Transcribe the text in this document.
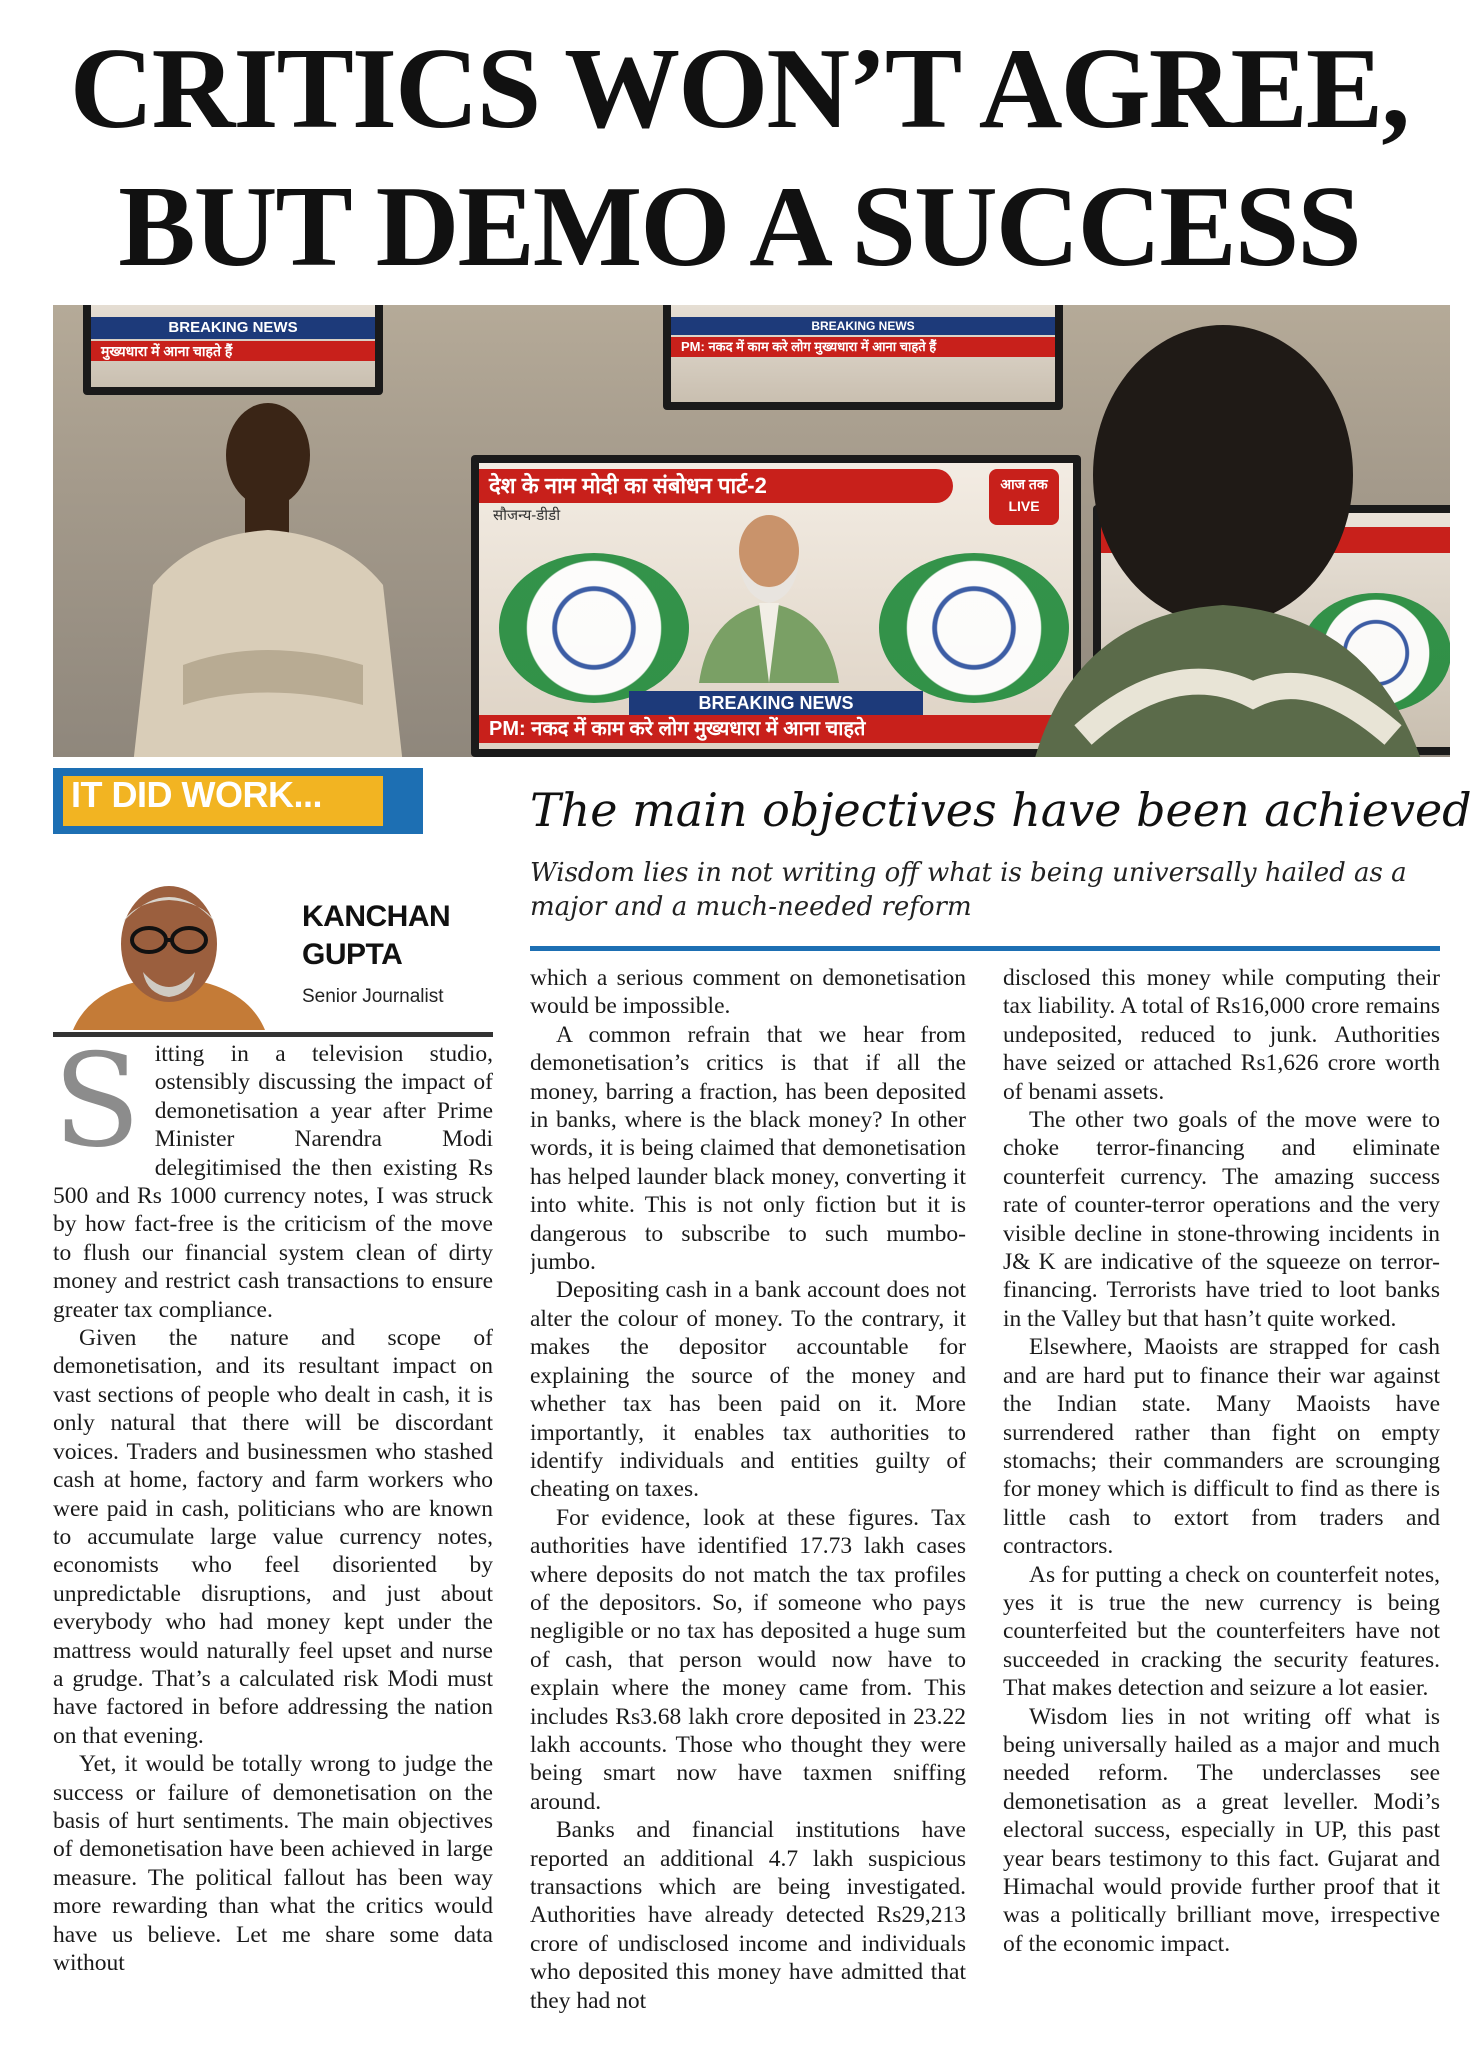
CRITICS WON’T AGREE,
BUT DEMO A SUCCESS
BREAKING NEWS
मुख्यधारा में आना चाहते हैं
BREAKING NEWS
PM: नकद में काम करे लोग मुख्यधारा में आना चाहते हैं
देश के नाम मोदी का संबोधन पार्ट-2
सौजन्य-डीडी
आज तक LIVE
BREAKING NEWS
PM: नकद में काम करे लोग मुख्यधारा में आना चाहते
IT DID WORK...
KANCHAN
GUPTA
Senior Journalist
The main objectives have been achieved
Wisdom lies in not writing off what is being universally hailed as a major and a much-needed reform
S itting in a television studio, ostensibly discussing the impact of demonetisation a year after Prime Minister Narendra Modi delegitimised the then existing Rs 500 and Rs 1000 currency notes, I was struck by how fact-free is the criticism of the move to flush our financial system clean of dirty money and restrict cash transactions to ensure greater tax compliance.

Given the nature and scope of demonetisation, and its resultant impact on vast sections of people who dealt in cash, it is only natural that there will be discordant voices. Traders and businessmen who stashed cash at home, factory and farm workers who were paid in cash, politicians who are known to accumulate large value currency notes, economists who feel disoriented by unpredictable disruptions, and just about everybody who had money kept under the mattress would naturally feel upset and nurse a grudge. That’s a calculated risk Modi must have factored in before addressing the nation on that evening.

Yet, it would be totally wrong to judge the success or failure of demonetisation on the basis of hurt sentiments. The main objectives of demonetisation have been achieved in large measure. The political fallout has been way more rewarding than what the critics would have us believe. Let me share some data without

which a serious comment on demonetisation would be impossible.

A common refrain that we hear from demonetisation’s critics is that if all the money, barring a fraction, has been deposited in banks, where is the black money? In other words, it is being claimed that demonetisation has helped launder black money, converting it into white. This is not only fiction but it is dangerous to subscribe to such mumbo-jumbo.

Depositing cash in a bank account does not alter the colour of money. To the contrary, it makes the depositor accountable for explaining the source of the money and whether tax has been paid on it. More importantly, it enables tax authorities to identify individuals and entities guilty of cheating on taxes.

For evidence, look at these figures. Tax authorities have identified 17.73 lakh cases where deposits do not match the tax profiles of the depositors. So, if someone who pays negligible or no tax has deposited a huge sum of cash, that person would now have to explain where the money came from. This includes Rs3.68 lakh crore deposited in 23.22 lakh accounts. Those who thought they were being smart now have taxmen sniffing around.

Banks and financial institutions have reported an additional 4.7 lakh suspicious transactions which are being investigated. Authorities have already detected Rs29,213 crore of undisclosed income and individuals who deposited this money have admitted that they had not

disclosed this money while computing their tax liability. A total of Rs16,000 crore remains undeposited, reduced to junk. Authorities have seized or attached Rs1,626 crore worth of benami assets.

The other two goals of the move were to choke terror-financing and eliminate counterfeit currency. The amazing success rate of counter-terror operations and the very visible decline in stone-throwing incidents in J& K are indicative of the squeeze on terror-financing. Terrorists have tried to loot banks in the Valley but that hasn’t quite worked.

Elsewhere, Maoists are strapped for cash and are hard put to finance their war against the Indian state. Many Maoists have surrendered rather than fight on empty stomachs; their commanders are scrounging for money which is difficult to find as there is little cash to extort from traders and contractors.

As for putting a check on counterfeit notes, yes it is true the new currency is being counterfeited but the counterfeiters have not succeeded in cracking the security features. That makes detection and seizure a lot easier.

Wisdom lies in not writing off what is being universally hailed as a major and much needed reform. The underclasses see demonetisation as a great leveller. Modi’s electoral success, especially in UP, this past year bears testimony to this fact. Gujarat and Himachal would provide further proof that it was a politically brilliant move, irrespective of the economic impact.
